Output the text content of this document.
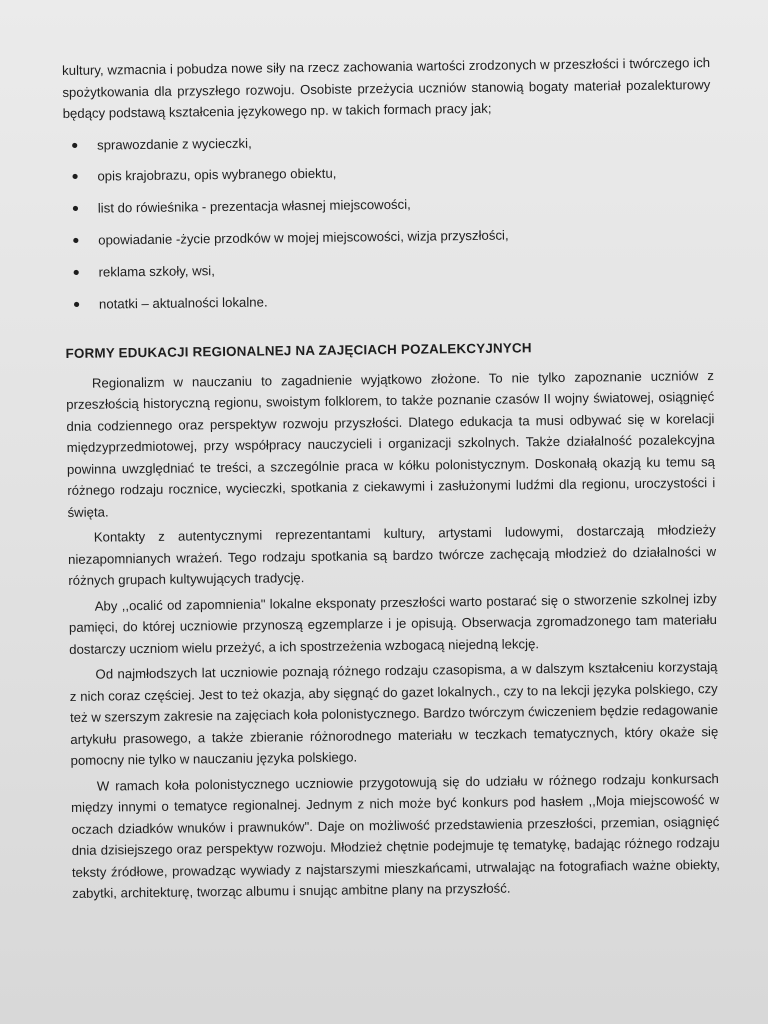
kultury, wzmacnia i pobudza nowe siły na rzecz zachowania wartości zrodzonych w przeszłości i twórczego ich spożytkowania dla przyszłego rozwoju. Osobiste przeżycia uczniów stanowią bogaty materiał pozalekturowy będący podstawą kształcenia językowego np. w takich formach pracy jak;

● sprawozdanie z wycieczki,
● opis krajobrazu, opis wybranego obiektu,
● list do rówieśnika - prezentacja własnej miejscowości,
● opowiadanie -życie przodków w mojej miejscowości, wizja przyszłości,
● reklama szkoły, wsi,
● notatki – aktualności lokalne.
FORMY EDUKACJI REGIONALNEJ NA ZAJĘCIACH POZALEKCYJNYCH

Regionalizm w nauczaniu to zagadnienie wyjątkowo złożone. To nie tylko zapoznanie uczniów z przeszłością historyczną regionu, swoistym folklorem, to także poznanie czasów II wojny światowej, osiągnięć dnia codziennego oraz perspektyw rozwoju przyszłości. Dlatego edukacja ta musi odbywać się w korelacji międzyprzedmiotowej, przy współpracy nauczycieli i organizacji szkolnych. Także działalność pozalekcyjna powinna uwzględniać te treści, a szczególnie praca w kółku polonistycznym. Doskonałą okazją ku temu są różnego rodzaju rocznice, wycieczki, spotkania z ciekawymi i zasłużonymi ludźmi dla regionu, uroczystości i święta.

Kontakty z autentycznymi reprezentantami kultury, artystami ludowymi, dostarczają młodzieży niezapomnianych wrażeń. Tego rodzaju spotkania są bardzo twórcze zachęcają młodzież do działalności w różnych grupach kultywujących tradycję.

Aby ,,ocalić od zapomnienia" lokalne eksponaty przeszłości warto postarać się o stworzenie szkolnej izby pamięci, do której uczniowie przynoszą egzemplarze i je opisują. Obserwacja zgromadzonego tam materiału dostarczy uczniom wielu przeżyć, a ich spostrzeżenia wzbogacą niejedną lekcję.

Od najmłodszych lat uczniowie poznają różnego rodzaju czasopisma, a w dalszym kształceniu korzystają z nich coraz częściej. Jest to też okazja, aby sięgnąć do gazet lokalnych., czy to na lekcji języka polskiego, czy też w szerszym zakresie na zajęciach koła polonistycznego. Bardzo twórczym ćwiczeniem będzie redagowanie artykułu prasowego, a także zbieranie różnorodnego materiału w teczkach tematycznych, który okaże się pomocny nie tylko w nauczaniu języka polskiego.

W ramach koła polonistycznego uczniowie przygotowują się do udziału w różnego rodzaju konkursach między innymi o tematyce regionalnej. Jednym z nich może być konkurs pod hasłem ,,Moja miejscowość w oczach dziadków wnuków i prawnuków". Daje on możliwość przedstawienia przeszłości, przemian, osiągnięć dnia dzisiejszego oraz perspektyw rozwoju. Młodzież chętnie podejmuje tę tematykę, badając różnego rodzaju teksty źródłowe, prowadząc wywiady z najstarszymi mieszkańcami, utrwalając na fotografiach ważne obiekty, zabytki, architekturę, tworząc albumu i snując ambitne plany na przyszłość.
